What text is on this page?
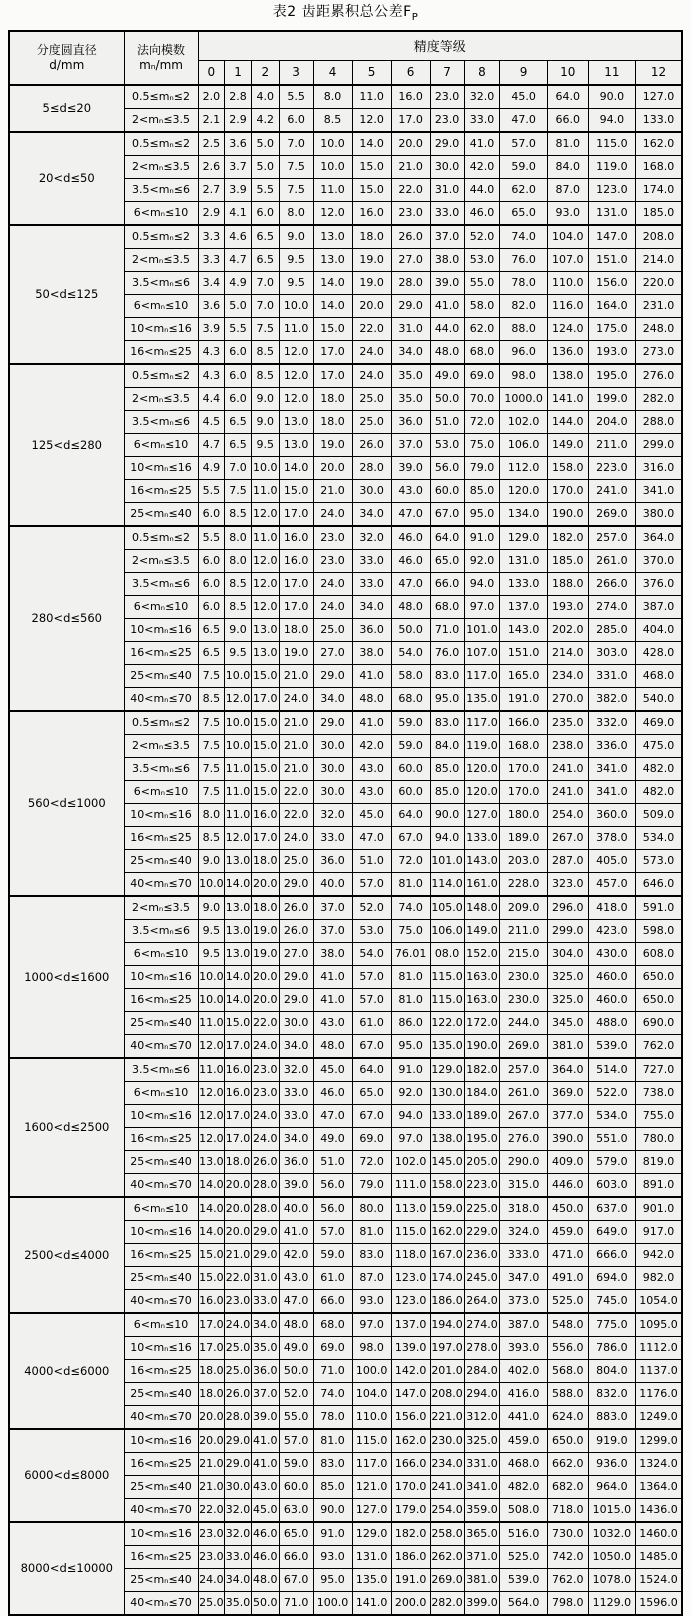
表2 齿距累积总公差$F_P$
分度圆直径
d/mm

法向模数
mₙ/mm
	精度等级
		0	1	2	3	4	5	6	7	8	9	10	11	12
5≤d≤20	0.5≤mₙ≤2	2.0	2.8	4.0	5.5	8.0	11.0	16.0	23.0	32.0	45.0	64.0	90.0	127.0
	2<mₙ≤3.5	2.1	2.9	4.2	6.0	8.5	12.0	17.0	23.0	33.0	47.0	66.0	94.0	133.0
20<d≤50	0.5≤mₙ≤2	2.5	3.6	5.0	7.0	10.0	14.0	20.0	29.0	41.0	57.0	81.0	115.0	162.0
	2<mₙ≤3.5	2.6	3.7	5.0	7.5	10.0	15.0	21.0	30.0	42.0	59.0	84.0	119.0	168.0
	3.5<mₙ≤6	2.7	3.9	5.5	7.5	11.0	15.0	22.0	31.0	44.0	62.0	87.0	123.0	174.0
	6<mₙ≤10	2.9	4.1	6.0	8.0	12.0	16.0	23.0	33.0	46.0	65.0	93.0	131.0	185.0
50<d≤125	0.5≤mₙ≤2	3.3	4.6	6.5	9.0	13.0	18.0	26.0	37.0	52.0	74.0	104.0	147.0	208.0
	2<mₙ≤3.5	3.3	4.7	6.5	9.5	13.0	19.0	27.0	38.0	53.0	76.0	107.0	151.0	214.0
	3.5<mₙ≤6	3.4	4.9	7.0	9.5	14.0	19.0	28.0	39.0	55.0	78.0	110.0	156.0	220.0
	6<mₙ≤10	3.6	5.0	7.0	10.0	14.0	20.0	29.0	41.0	58.0	82.0	116.0	164.0	231.0
	10<mₙ≤16	3.9	5.5	7.5	11.0	15.0	22.0	31.0	44.0	62.0	88.0	124.0	175.0	248.0
	16<mₙ≤25	4.3	6.0	8.5	12.0	17.0	24.0	34.0	48.0	68.0	96.0	136.0	193.0	273.0
125<d≤280	0.5≤mₙ≤2	4.3	6.0	8.5	12.0	17.0	24.0	35.0	49.0	69.0	98.0	138.0	195.0	276.0
	2<mₙ≤3.5	4.4	6.0	9.0	12.0	18.0	25.0	35.0	50.0	70.0	1000.0	141.0	199.0	282.0
	3.5<mₙ≤6	4.5	6.5	9.0	13.0	18.0	25.0	36.0	51.0	72.0	102.0	144.0	204.0	288.0
	6<mₙ≤10	4.7	6.5	9.5	13.0	19.0	26.0	37.0	53.0	75.0	106.0	149.0	211.0	299.0
	10<mₙ≤16	4.9	7.0	10.0	14.0	20.0	28.0	39.0	56.0	79.0	112.0	158.0	223.0	316.0
	16<mₙ≤25	5.5	7.5	11.0	15.0	21.0	30.0	43.0	60.0	85.0	120.0	170.0	241.0	341.0
	25<mₙ≤40	6.0	8.5	12.0	17.0	24.0	34.0	47.0	67.0	95.0	134.0	190.0	269.0	380.0
280<d≤560	0.5≤mₙ≤2	5.5	8.0	11.0	16.0	23.0	32.0	46.0	64.0	91.0	129.0	182.0	257.0	364.0
	2<mₙ≤3.5	6.0	8.0	12.0	16.0	23.0	33.0	46.0	65.0	92.0	131.0	185.0	261.0	370.0
	3.5<mₙ≤6	6.0	8.5	12.0	17.0	24.0	33.0	47.0	66.0	94.0	133.0	188.0	266.0	376.0
	6<mₙ≤10	6.0	8.5	12.0	17.0	24.0	34.0	48.0	68.0	97.0	137.0	193.0	274.0	387.0
	10<mₙ≤16	6.5	9.0	13.0	18.0	25.0	36.0	50.0	71.0	101.0	143.0	202.0	285.0	404.0
	16<mₙ≤25	6.5	9.5	13.0	19.0	27.0	38.0	54.0	76.0	107.0	151.0	214.0	303.0	428.0
	25<mₙ≤40	7.5	10.0	15.0	21.0	29.0	41.0	58.0	83.0	117.0	165.0	234.0	331.0	468.0
	40<mₙ≤70	8.5	12.0	17.0	24.0	34.0	48.0	68.0	95.0	135.0	191.0	270.0	382.0	540.0
560<d≤1000	0.5≤mₙ≤2	7.5	10.0	15.0	21.0	29.0	41.0	59.0	83.0	117.0	166.0	235.0	332.0	469.0
	2<mₙ≤3.5	7.5	10.0	15.0	21.0	30.0	42.0	59.0	84.0	119.0	168.0	238.0	336.0	475.0
	3.5<mₙ≤6	7.5	11.0	15.0	21.0	30.0	43.0	60.0	85.0	120.0	170.0	241.0	341.0	482.0
	6<mₙ≤10	7.5	11.0	15.0	22.0	30.0	43.0	60.0	85.0	120.0	170.0	241.0	341.0	482.0
	10<mₙ≤16	8.0	11.0	16.0	22.0	32.0	45.0	64.0	90.0	127.0	180.0	254.0	360.0	509.0
	16<mₙ≤25	8.5	12.0	17.0	24.0	33.0	47.0	67.0	94.0	133.0	189.0	267.0	378.0	534.0
	25<mₙ≤40	9.0	13.0	18.0	25.0	36.0	51.0	72.0	101.0	143.0	203.0	287.0	405.0	573.0
	40<mₙ≤70	10.0	14.0	20.0	29.0	40.0	57.0	81.0	114.0	161.0	228.0	323.0	457.0	646.0
1000<d≤1600	2<mₙ≤3.5	9.0	13.0	18.0	26.0	37.0	52.0	74.0	105.0	148.0	209.0	296.0	418.0	591.0
	3.5<mₙ≤6	9.5	13.0	19.0	26.0	37.0	53.0	75.0	106.0	149.0	211.0	299.0	423.0	598.0
	6<mₙ≤10	9.5	13.0	19.0	27.0	38.0	54.0	76.01	08.0	152.0	215.0	304.0	430.0	608.0
	10<mₙ≤16	10.0	14.0	20.0	29.0	41.0	57.0	81.0	115.0	163.0	230.0	325.0	460.0	650.0
	16<mₙ≤25	10.0	14.0	20.0	29.0	41.0	57.0	81.0	115.0	163.0	230.0	325.0	460.0	650.0
	25<mₙ≤40	11.0	15.0	22.0	30.0	43.0	61.0	86.0	122.0	172.0	244.0	345.0	488.0	690.0
	40<mₙ≤70	12.0	17.0	24.0	34.0	48.0	67.0	95.0	135.0	190.0	269.0	381.0	539.0	762.0
1600<d≤2500	3.5<mₙ≤6	11.0	16.0	23.0	32.0	45.0	64.0	91.0	129.0	182.0	257.0	364.0	514.0	727.0
	6<mₙ≤10	12.0	16.0	23.0	33.0	46.0	65.0	92.0	130.0	184.0	261.0	369.0	522.0	738.0
	10<mₙ≤16	12.0	17.0	24.0	33.0	47.0	67.0	94.0	133.0	189.0	267.0	377.0	534.0	755.0
	16<mₙ≤25	12.0	17.0	24.0	34.0	49.0	69.0	97.0	138.0	195.0	276.0	390.0	551.0	780.0
	25<mₙ≤40	13.0	18.0	26.0	36.0	51.0	72.0	102.0	145.0	205.0	290.0	409.0	579.0	819.0
	40<mₙ≤70	14.0	20.0	28.0	39.0	56.0	79.0	111.0	158.0	223.0	315.0	446.0	603.0	891.0
2500<d≤4000	6<mₙ≤10	14.0	20.0	28.0	40.0	56.0	80.0	113.0	159.0	225.0	318.0	450.0	637.0	901.0
	10<mₙ≤16	14.0	20.0	29.0	41.0	57.0	81.0	115.0	162.0	229.0	324.0	459.0	649.0	917.0
	16<mₙ≤25	15.0	21.0	29.0	42.0	59.0	83.0	118.0	167.0	236.0	333.0	471.0	666.0	942.0
	25<mₙ≤40	15.0	22.0	31.0	43.0	61.0	87.0	123.0	174.0	245.0	347.0	491.0	694.0	982.0
	40<mₙ≤70	16.0	23.0	33.0	47.0	66.0	93.0	123.0	186.0	264.0	373.0	525.0	745.0	1054.0
4000<d≤6000	6<mₙ≤10	17.0	24.0	34.0	48.0	68.0	97.0	137.0	194.0	274.0	387.0	548.0	775.0	1095.0
	10<mₙ≤16	17.0	25.0	35.0	49.0	69.0	98.0	139.0	197.0	278.0	393.0	556.0	786.0	1112.0
	16<mₙ≤25	18.0	25.0	36.0	50.0	71.0	100.0	142.0	201.0	284.0	402.0	568.0	804.0	1137.0
	25<mₙ≤40	18.0	26.0	37.0	52.0	74.0	104.0	147.0	208.0	294.0	416.0	588.0	832.0	1176.0
	40<mₙ≤70	20.0	28.0	39.0	55.0	78.0	110.0	156.0	221.0	312.0	441.0	624.0	883.0	1249.0
6000<d≤8000	10<mₙ≤16	20.0	29.0	41.0	57.0	81.0	115.0	162.0	230.0	325.0	459.0	650.0	919.0	1299.0
	16<mₙ≤25	21.0	29.0	41.0	59.0	83.0	117.0	166.0	234.0	331.0	468.0	662.0	936.0	1324.0
	25<mₙ≤40	21.0	30.0	43.0	60.0	85.0	121.0	170.0	241.0	341.0	482.0	682.0	964.0	1364.0
	40<mₙ≤70	22.0	32.0	45.0	63.0	90.0	127.0	179.0	254.0	359.0	508.0	718.0	1015.0	1436.0
8000<d≤10000	10<mₙ≤16	23.0	32.0	46.0	65.0	91.0	129.0	182.0	258.0	365.0	516.0	730.0	1032.0	1460.0
	16<mₙ≤25	23.0	33.0	46.0	66.0	93.0	131.0	186.0	262.0	371.0	525.0	742.0	1050.0	1485.0
	25<mₙ≤40	24.0	34.0	48.0	67.0	95.0	135.0	191.0	269.0	381.0	539.0	762.0	1078.0	1524.0
	40<mₙ≤70	25.0	35.0	50.0	71.0	100.0	141.0	200.0	282.0	399.0	564.0	798.0	1129.0	1596.0
